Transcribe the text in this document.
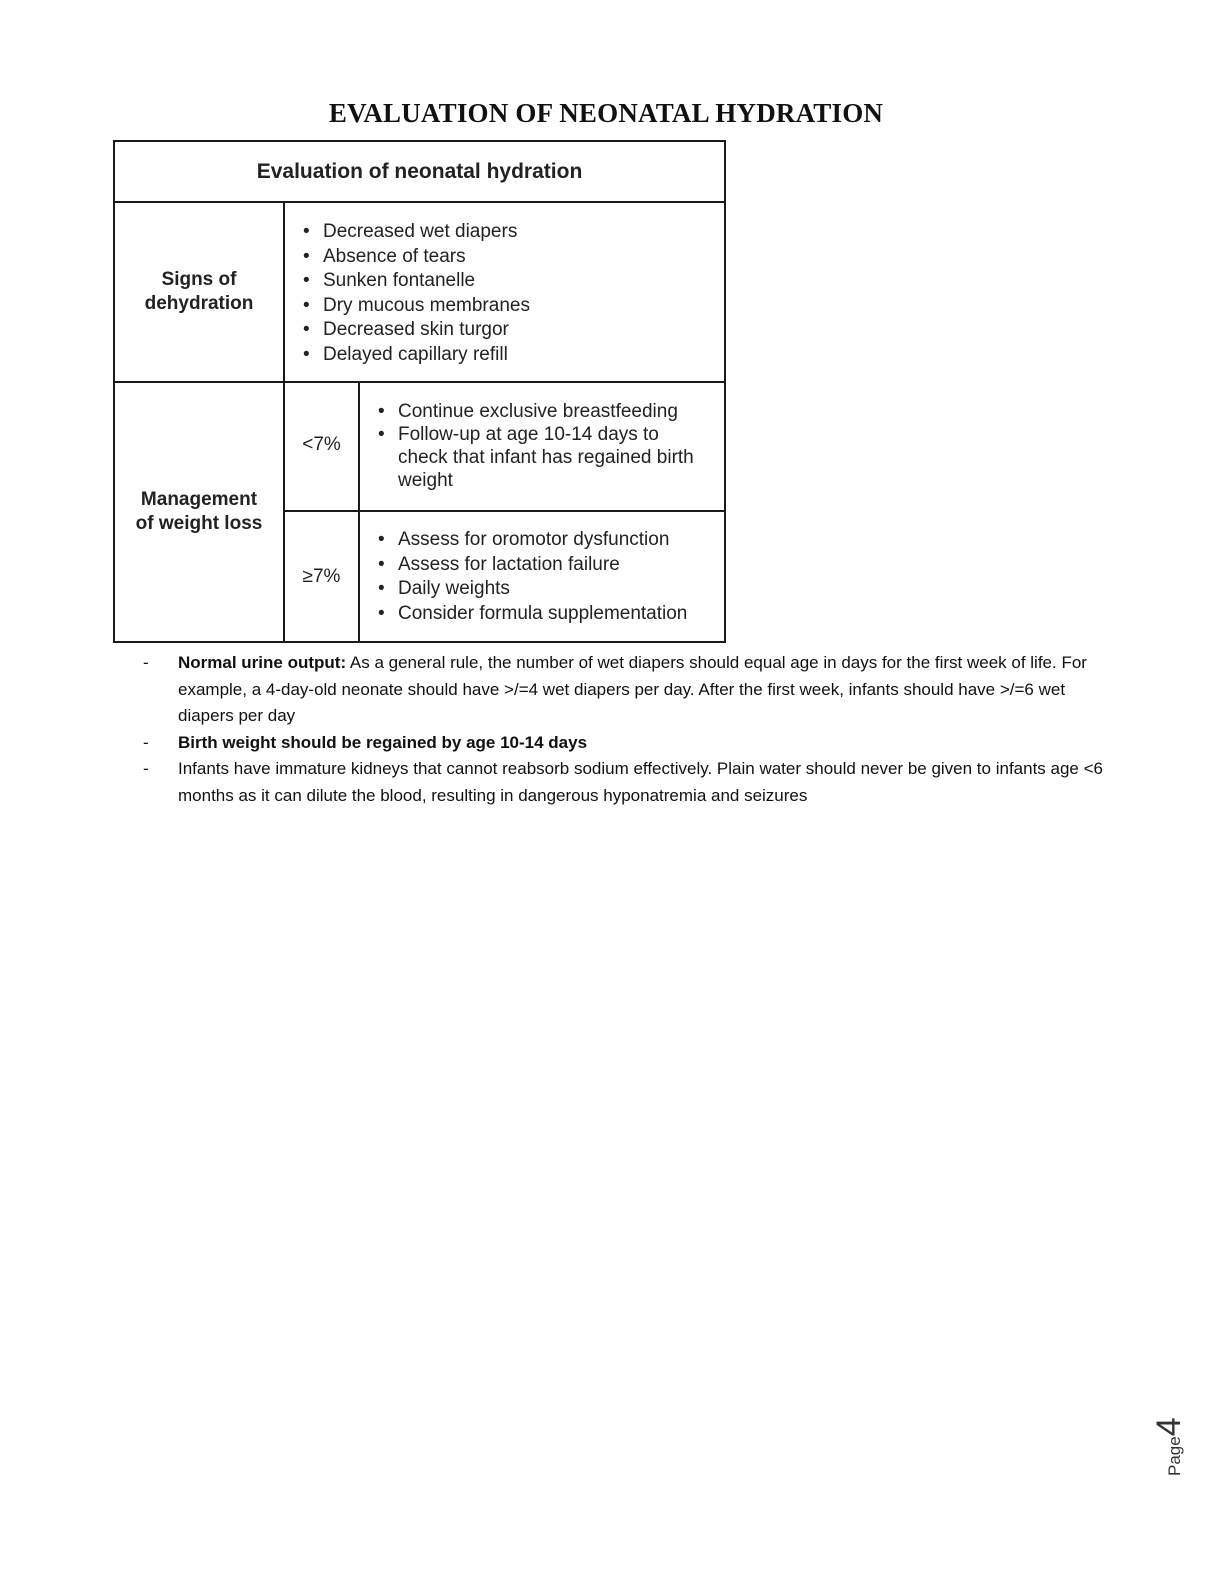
EVALUATION OF NEONATAL HYDRATION
Evaluation of neonatal hydration
Signs of
dehydration
• Decreased wet diapers
• Absence of tears
• Sunken fontanelle
• Dry mucous membranes
• Decreased skin turgor
• Delayed capillary refill
Management
of weight loss
<7%
• Continue exclusive breastfeeding
• Follow-up at age 10-14 days to check that infant has regained birth weight
≥7%
• Assess for oromotor dysfunction
• Assess for lactation failure
• Daily weights
• Consider formula supplementation
- Normal urine output: As a general rule, the number of wet diapers should equal age in days for the first week of life. For example, a 4-day-old neonate should have >/=4 wet diapers per day. After the first week, infants should have >/=6 wet diapers per day
- Birth weight should be regained by age 10-14 days
- Infants have immature kidneys that cannot reabsorb sodium effectively. Plain water should never be given to infants age <6 months as it can dilute the blood, resulting in dangerous hyponatremia and seizures
Page4
